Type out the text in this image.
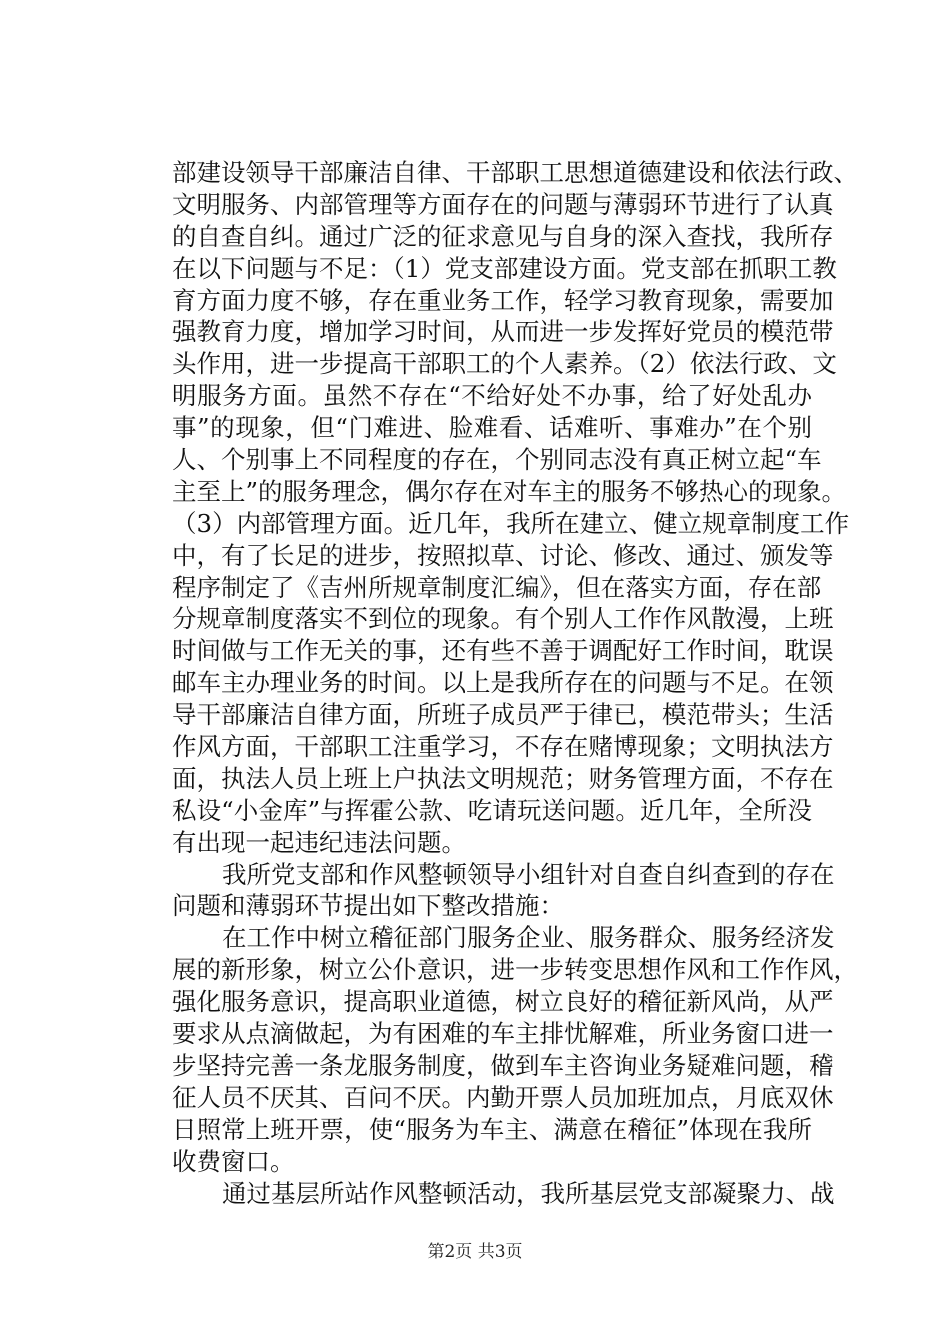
部建设领导干部廉洁自律、干部职工思想道德建设和依法行政、
文明服务、内部管理等方面存在的问题与薄弱环节进行了认真
的自查自纠。通过广泛的征求意见与自身的深入查找，我所存
在以下问题与不足：（1）党支部建设方面。党支部在抓职工教
育方面力度不够，存在重业务工作，轻学习教育现象，需要加
强教育力度，增加学习时间，从而进一步发挥好党员的模范带
头作用，进一步提高干部职工的个人素养。（2）依法行政、文
明服务方面。虽然不存在“不给好处不办事，给了好处乱办
事”的现象，但“门难进、脸难看、话难听、事难办”在个别
人、个别事上不同程度的存在，个别同志没有真正树立起“车
主至上”的服务理念，偶尔存在对车主的服务不够热心的现象。
（3）内部管理方面。近几年，我所在建立、健立规章制度工作
中，有了长足的进步，按照拟草、讨论、修改、通过、颁发等
程序制定了《吉州所规章制度汇编》，但在落实方面，存在部
分规章制度落实不到位的现象。有个别人工作作风散漫，上班
时间做与工作无关的事，还有些不善于调配好工作时间，耽误
邮车主办理业务的时间。以上是我所存在的问题与不足。在领
导干部廉洁自律方面，所班子成员严于律已，模范带头；生活
作风方面，干部职工注重学习，不存在赌博现象；文明执法方
面，执法人员上班上户执法文明规范；财务管理方面，不存在
私设“小金库”与挥霍公款、吃请玩送问题。近几年，全所没
有出现一起违纪违法问题。
我所党支部和作风整顿领导小组针对自查自纠查到的存在
问题和薄弱环节提出如下整改措施：
在工作中树立稽征部门服务企业、服务群众、服务经济发
展的新形象，树立公仆意识，进一步转变思想作风和工作作风，
强化服务意识，提高职业道德，树立良好的稽征新风尚，从严
要求从点滴做起，为有困难的车主排忧解难，所业务窗口进一
步坚持完善一条龙服务制度，做到车主咨询业务疑难问题，稽
征人员不厌其、百问不厌。内勤开票人员加班加点，月底双休
日照常上班开票，使“服务为车主、满意在稽征”体现在我所
收费窗口。
通过基层所站作风整顿活动，我所基层党支部凝聚力、战
第2页 共3页
